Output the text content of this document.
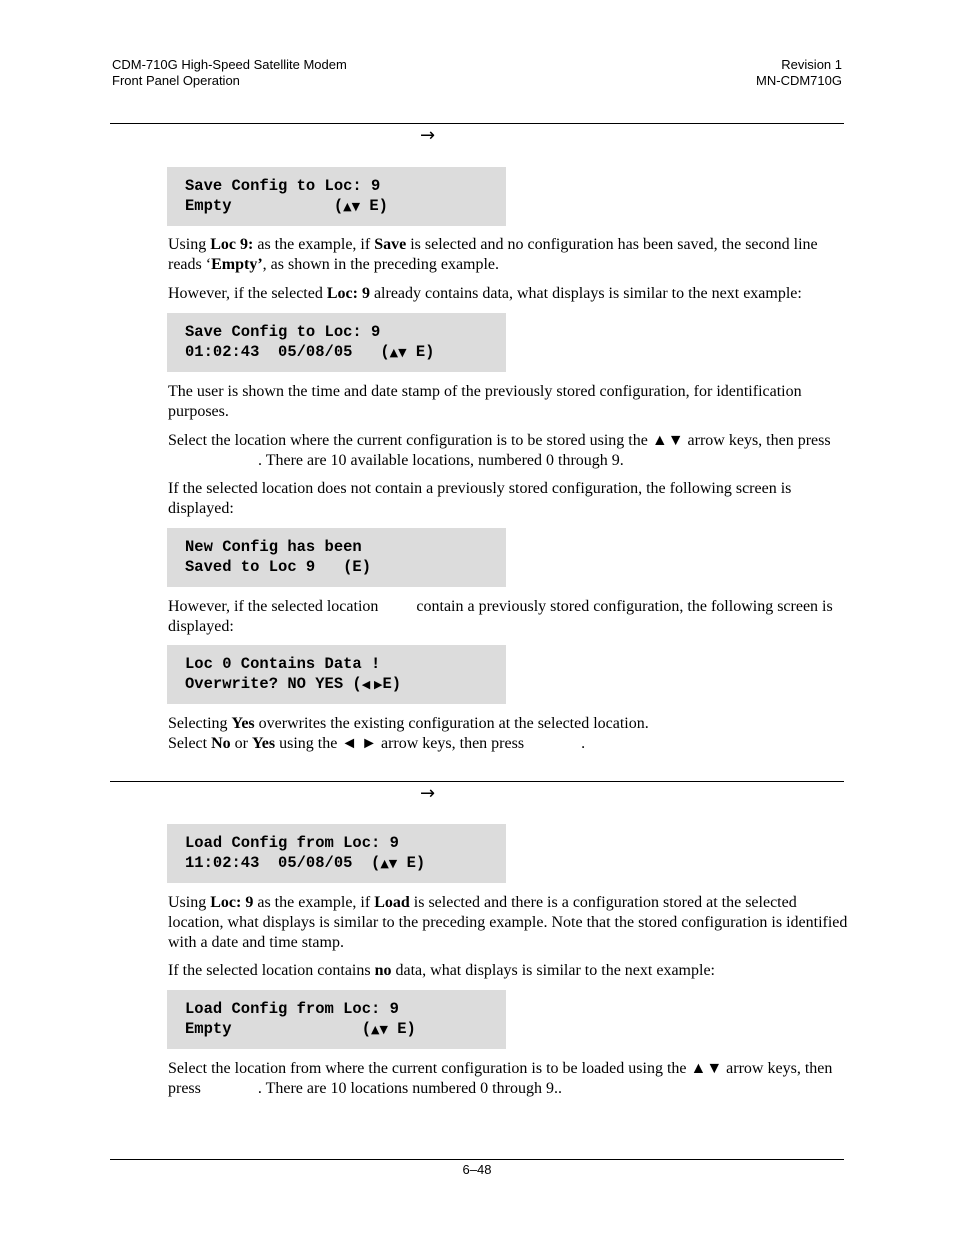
CDM-710G High-Speed Satellite Modem
Front Panel Operation
Revision 1
MN-CDM710G
→
Save Config to Loc: 9
Empty           (▲▼ E)
Using Loc 9: as the example, if Save is selected and no configuration has been saved, the second line reads ‘Empty’, as shown in the preceding example.
However, if the selected Loc: 9 already contains data, what displays is similar to the next example:
Save Config to Loc: 9
01:02:43  05/08/05   (▲▼ E)
The user is shown the time and date stamp of the previously stored configuration, for identification purposes.
Select the location where the current configuration is to be stored using the ▲▼ arrow keys, then press. There are 10 available locations, numbered 0 through 9.
If the selected location does not contain a previously stored configuration, the following screen is displayed:
New Config has been
Saved to Loc 9   (E)
However, if the selected location contain a previously stored configuration, the following screen is displayed:
Loc 0 Contains Data !
Overwrite? NO YES (◀ ▶E)
Selecting Yes overwrites the existing configuration at the selected location.
Select No or Yes using the ◄ ► arrow keys, then press	.
→
Load Config from Loc: 9
11:02:43  05/08/05  (▲▼ E)
Using Loc: 9 as the example, if Load is selected and there is a configuration stored at the selected location, what displays is similar to the preceding example. Note that the stored configuration is identified with a date and time stamp.
If the selected location contains no data, what displays is similar to the next example:
Load Config from Loc: 9
Empty              (▲▼ E)
Select the location from where the current configuration is to be loaded using the ▲▼ arrow keys, then press	. There are 10 locations numbered 0 through 9..
6–48
